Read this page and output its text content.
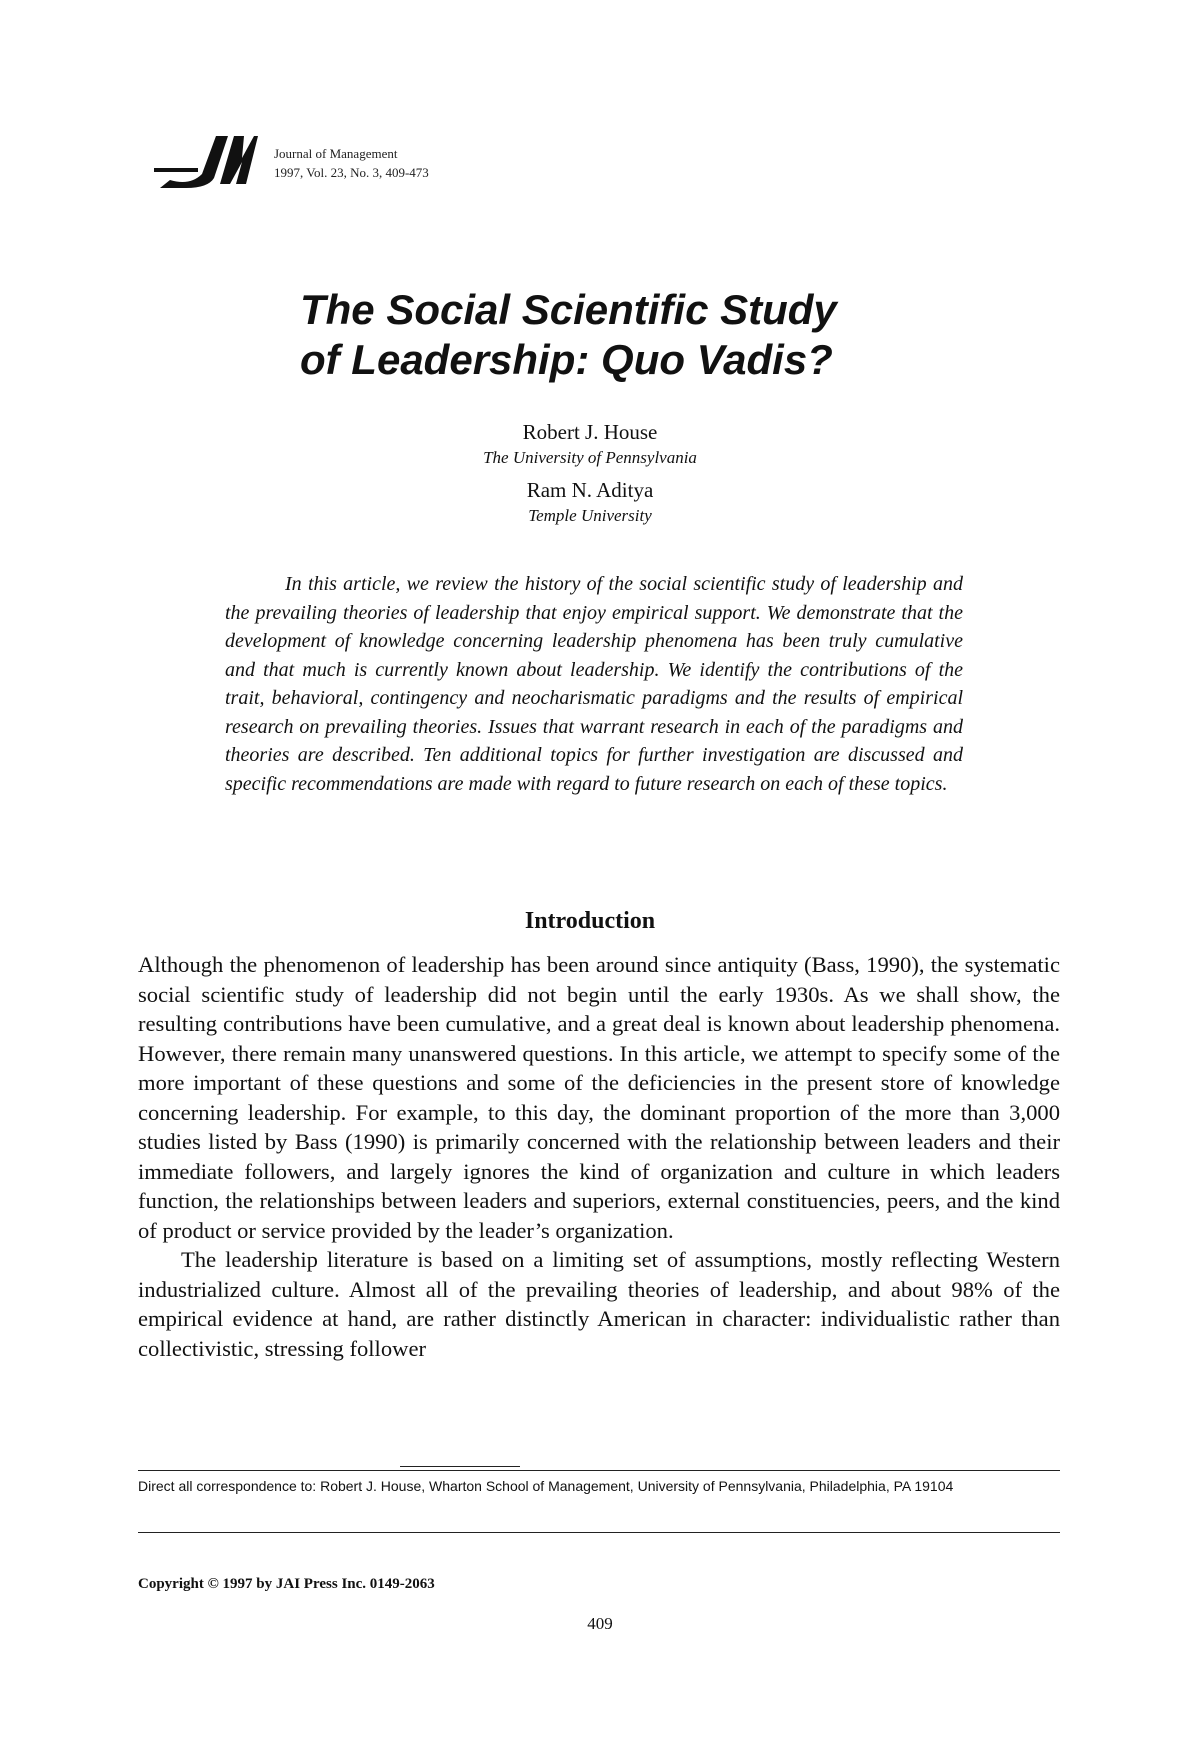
Journal of Management
1997, Vol. 23, No. 3, 409-473
The Social Scientific Study
of Leadership: Quo Vadis?
Robert J. House
The University of Pennsylvania
Ram N. Aditya
Temple University

In this article, we review the history of the social scientific study of leadership and the prevailing theories of leadership that enjoy empirical support. We demonstrate that the development of knowledge concerning leadership phenomena has been truly cumulative and that much is currently known about leadership. We identify the contributions of the trait, behavioral, contingency and neocharismatic paradigms and the results of empirical research on prevailing theories. Issues that warrant research in each of the paradigms and theories are described. Ten additional topics for further investigation are discussed and specific recommendations are made with regard to future research on each of these topics.

Introduction

Although the phenomenon of leadership has been around since antiquity (Bass, 1990), the systematic social scientific study of leadership did not begin until the early 1930s. As we shall show, the resulting contributions have been cumulative, and a great deal is known about leadership phenomena. However, there remain many unanswered questions. In this article, we attempt to specify some of the more important of these questions and some of the deficiencies in the present store of knowledge concerning leadership. For example, to this day, the dominant proportion of the more than 3,000 studies listed by Bass (1990) is primarily concerned with the relationship between leaders and their immediate followers, and largely ignores the kind of organization and culture in which leaders function, the relationships between leaders and superiors, external constituencies, peers, and the kind of product or service provided by the leader’s organization.

The leadership literature is based on a limiting set of assumptions, mostly reflecting Western industrialized culture. Almost all of the prevailing theories of leadership, and about 98% of the empirical evidence at hand, are rather distinctly American in character: individualistic rather than collectivistic, stressing follower

Direct all correspondence to: Robert J. House, Wharton School of Management, University of Pennsylvania, Philadelphia, PA 19104
Copyright © 1997 by JAI Press Inc. 0149-2063
409
